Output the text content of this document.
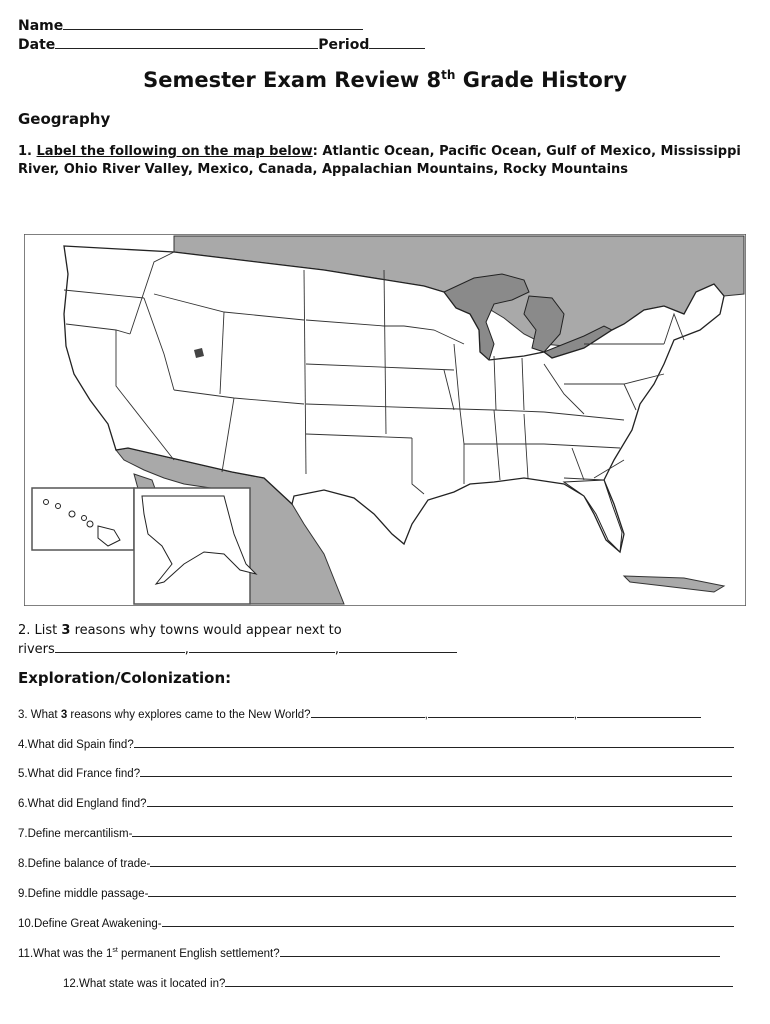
Name
Date	Period
Semester Exam Review 8th Grade History
Geography
1. Label the following on the map below: Atlantic Ocean, Pacific Ocean, Gulf of Mexico, Mississippi River, Ohio River Valley, Mexico, Canada, Appalachian Mountains, Rocky Mountains
2. List 3 reasons why towns would appear next to
rivers	,	,
Exploration/Colonization:
3. What 3 reasons why explores came to the New World?	,	,
4.What did Spain find?
5.What did France find?
6.What did England find?
7.Define mercantilism-
8.Define balance of trade-
9.Define middle passage-
10.Define Great Awakening-
11.What was the 1st permanent English settlement?
12.What state was it located in?
